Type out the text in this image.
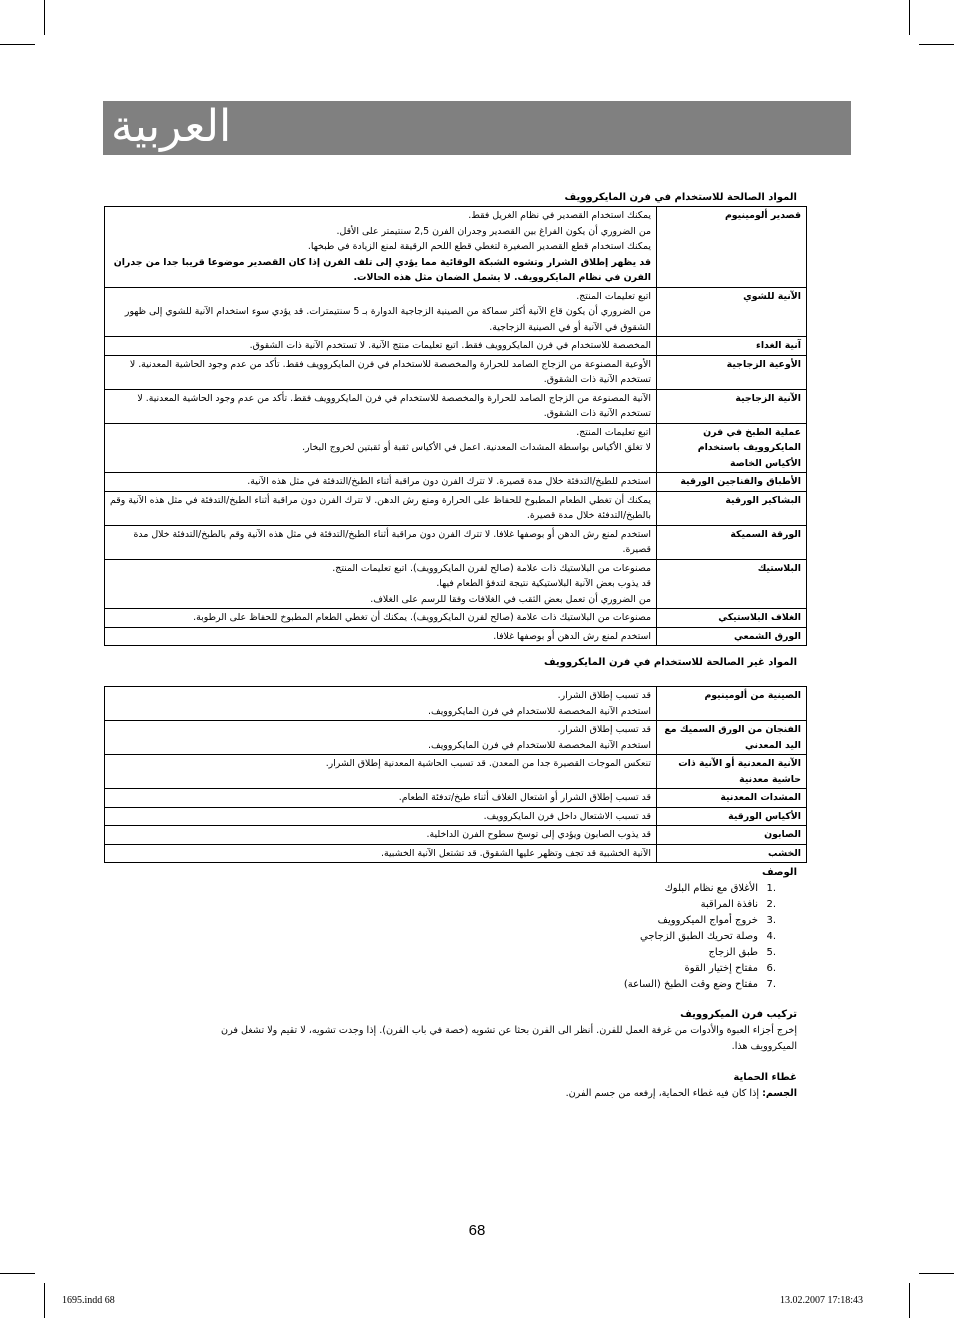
العربية
المواد الصالحة للاستخدام في فرن المايكروويف
قصدير ألومينيوم	يمكنك استخدام القصدير في نظام الغريل فقط.
من الضروري أن يكون الفراغ بين القصدير وجدران الفرن 2,5 سنتيمتر على الأقل.
يمكنك استخدام قطع القصدير الصغيرة لتغطي قطع اللحم الرقيقة لمنع الزيادة في طبخها.
قد يظهر إطلاق الشرار وتشوه الشبكة الوقائية مما يؤدي إلى تلف الفرن إذا كان القصدير موضوعا قريبا جدا من جدران الفرن في نظام المايكروويف. لا يشمل الضمان مثل هذه الحالات.

الآنية للشوي	اتبع تعليمات المنتج.
من الضروري أن يكون قاع الآنية أكثر سماكة من الصينية الزجاجية الدوارة بـ 5 سنتيمترات. قد يؤدي سوء استخدام الآنية للشوي إلى ظهور الشقوق في الآنية أو في الصينية الزجاجية.

آنية الغداء	المخصصة للاستخدام في فرن المايكروويف فقط. اتبع تعليمات منتج الآنية. لا تستخدم الآنية ذات الشقوق.

الأوعية الزجاجية	الأوعية المصنوعة من الزجاج الصامد للحرارة والمخصصة للاستخدام في فرن المايكروويف فقط. تأكد من عدم وجود الحاشية المعدنية. لا تستخدم الآنية ذات الشقوق.

الآنية الزجاجية	الآنية المصنوعة من الزجاج الصامد للحرارة والمخصصة للاستخدام في فرن المايكروويف فقط. تأكد من عدم وجود الحاشية المعدنية. لا تستخدم الآنية ذات الشقوق.

عملية الطبخ في فرن المايكروويف باستخدام الأكياس الخاصة	اتبع تعليمات المنتج.
لا تغلق الأكياس بواسطة المشدات المعدنية. اعمل في الأكياس ثقبة أو ثقبتين لخروج البخار.

الأطباق والفناجين الورقية	استخدم للطبخ/التدفئة خلال مدة قصيرة. لا تترك الفرن دون مراقبة أثناء الطبخ/التدفئة في مثل هذه الآنية.

البشاكير الورقية	يمكنك أن تغطي الطعام المطبوخ للحفاظ على الحرارة ومنع رش الدهن. لا تترك الفرن دون مراقبة أثناء الطبخ/التدفئة في مثل هذه الآنية وقم بالطبخ/التدفئة خلال مدة قصيرة.

الورقة السميكة	استخدم لمنع رش الدهن أو بوصفها غلافا. لا تترك الفرن دون مراقبة أثناء الطبخ/التدفئة في مثل هذه الآنية وقم بالطبخ/التدفئة خلال مدة قصيرة.

البلاستيك	مصنوعات من البلاستيك ذات علامة (صالح لفرن المايكروويف). اتبع تعليمات المنتج.
قد يذوب بعض الآنية البلاستيكية نتيجة لتدفؤ الطعام فيها.
من الضروري أن تعمل بعض الثقب في الغلافات وفقا للرسم على الغلاف.

الغلاف البلاستيكي	مصنوعات من البلاستيك ذات علامة (صالح لفرن المايكروويف). يمكنك أن تغطي الطعام المطبوخ للحفاظ على الرطوبة.

الورق الشمعي	استخدم لمنع رش الدهن أو بوصفها غلافا.
المواد غير الصالحة للاستخدام في فرن المايكروويف
الصينية من ألومينيوم	قد تسبب إطلاق الشرار.
استخدم الآنية المخصصة للاستخدام في فرن المايكروويف.

الفنجان من الورق السميك مع اليد المعدني	قد تسبب إطلاق الشرار.
استخدم الآنية المخصصة للاستخدام في فرن المايكروويف.

الآنية المعدنية أو الآنية ذات حاشية معدنية	تنعكس الموجات القصيرة جدا من المعدن. قد تسبب الحاشية المعدنية إطلاق الشرار.

المشدات المعدنية	قد تسبب إطلاق الشرار أو اشتعال الغلاف أثناء طبخ/تدفئة الطعام.

الأكياس الورقية	قد تسبب الاشتعال داخل فرن المايكروويف.

الصابون	قد يذوب الصابون ويؤدي إلى توسخ سطوح الفرن الداخلية.

الخشب	الآنية الخشبية قد تجف وتظهر عليها الشقوق. قد تشتعل الآنية الخشبية.
الوصف
.1الأغلاق مع نظام البلوك
.2نافذة المراقبة
.3خروج أمواج الميكروويف
.4وصلة تحريك الطبق الزجاجي
.5طبق الزجاج
.6مفتاح إختيار القوة
.7مفتاح وضع وقت الطبخ (الساعة)
تركيب فرن الميكروويف
إخرج أجزاء العبوة والأدوات من غرفة العمل للفرن. أنظر الى الفرن بحثا عن تشويه (خصة في باب الفرن). إذا وجدت تشويه، لا تقيم ولا تشغل فرن الميكروويف هذا.
غطاء الحماية
الجسم: إذا كان فيه غطاء الحماية، إرفعه من جسم الفرن.
68
1695.indd 68	13.02.2007 17:18:43
